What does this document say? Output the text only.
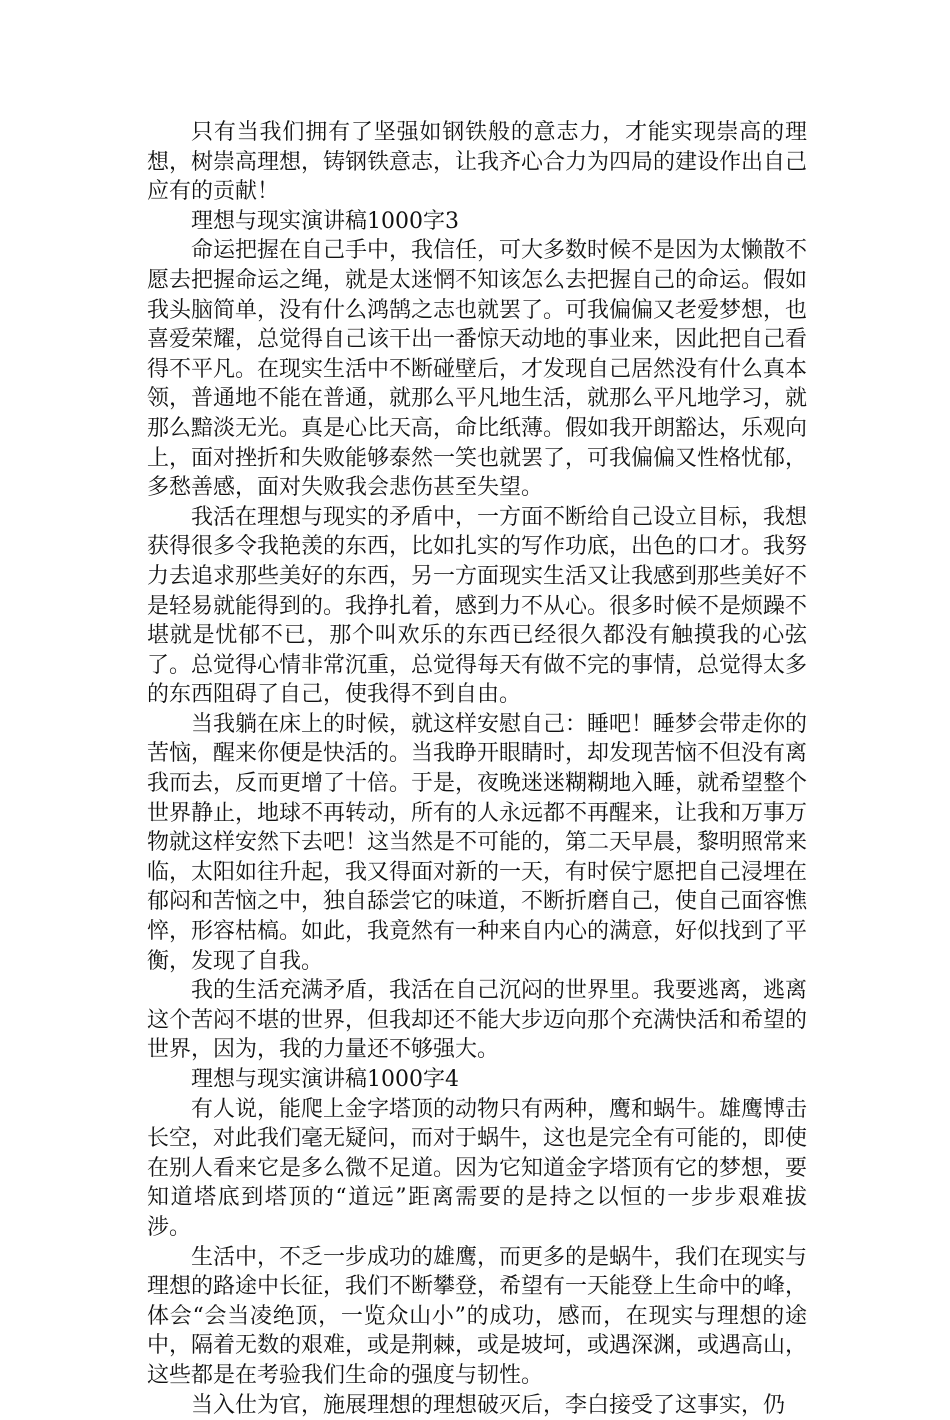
只有当我们拥有了坚强如钢铁般的意志力，才能实现崇高的理想，树崇高理想，铸钢铁意志，让我齐心合力为四局的建设作出自己应有的贡献！

理想与现实演讲稿1000字3

命运把握在自己手中，我信任，可大多数时候不是因为太懒散不愿去把握命运之绳，就是太迷惘不知该怎么去把握自己的命运。假如我头脑简单，没有什么鸿鹄之志也就罢了。可我偏偏又老爱梦想，也喜爱荣耀，总觉得自己该干出一番惊天动地的事业来，因此把自己看得不平凡。在现实生活中不断碰壁后，才发现自己居然没有什么真本领，普通地不能在普通，就那么平凡地生活，就那么平凡地学习，就那么黯淡无光。真是心比天高，命比纸薄。假如我开朗豁达，乐观向上，面对挫折和失败能够泰然一笑也就罢了，可我偏偏又性格忧郁，多愁善感，面对失败我会悲伤甚至失望。

我活在理想与现实的矛盾中，一方面不断给自己设立目标，我想获得很多令我艳羡的东西，比如扎实的写作功底，出色的口才。我努力去追求那些美好的东西，另一方面现实生活又让我感到那些美好不是轻易就能得到的。我挣扎着，感到力不从心。很多时候不是烦躁不堪就是忧郁不已，那个叫欢乐的东西已经很久都没有触摸我的心弦了。总觉得心情非常沉重，总觉得每天有做不完的事情，总觉得太多的东西阻碍了自己，使我得不到自由。

当我躺在床上的时候，就这样安慰自己：睡吧！睡梦会带走你的苦恼，醒来你便是快活的。当我睁开眼睛时，却发现苦恼不但没有离我而去，反而更增了十倍。于是，夜晚迷迷糊糊地入睡，就希望整个世界静止，地球不再转动，所有的人永远都不再醒来，让我和万事万物就这样安然下去吧！这当然是不可能的，第二天早晨，黎明照常来临，太阳如往升起，我又得面对新的一天，有时侯宁愿把自己浸埋在郁闷和苦恼之中，独自舔尝它的味道，不断折磨自己，使自己面容憔悴，形容枯槁。如此，我竟然有一种来自内心的满意，好似找到了平衡，发现了自我。

我的生活充满矛盾，我活在自己沉闷的世界里。我要逃离，逃离这个苦闷不堪的世界，但我却还不能大步迈向那个充满快活和希望的世界，因为，我的力量还不够强大。

理想与现实演讲稿1000字4

有人说，能爬上金字塔顶的动物只有两种，鹰和蜗牛。雄鹰博击长空，对此我们毫无疑问，而对于蜗牛，这也是完全有可能的，即使在别人看来它是多么微不足道。因为它知道金字塔顶有它的梦想，要知道塔底到塔顶的“道远”距离需要的是持之以恒的一步步艰难拔涉。

生活中，不乏一步成功的雄鹰，而更多的是蜗牛，我们在现实与理想的路途中长征，我们不断攀登，希望有一天能登上生命中的峰，体会“会当凌绝顶，一览众山小”的成功，感而，在现实与理想的途中，隔着无数的艰难，或是荆棘，或是坡坷，或遇深渊，或遇高山，这些都是在考验我们生命的强度与韧性。

当入仕为官，施展理想的理想破灭后，李白接受了这事实，仍
